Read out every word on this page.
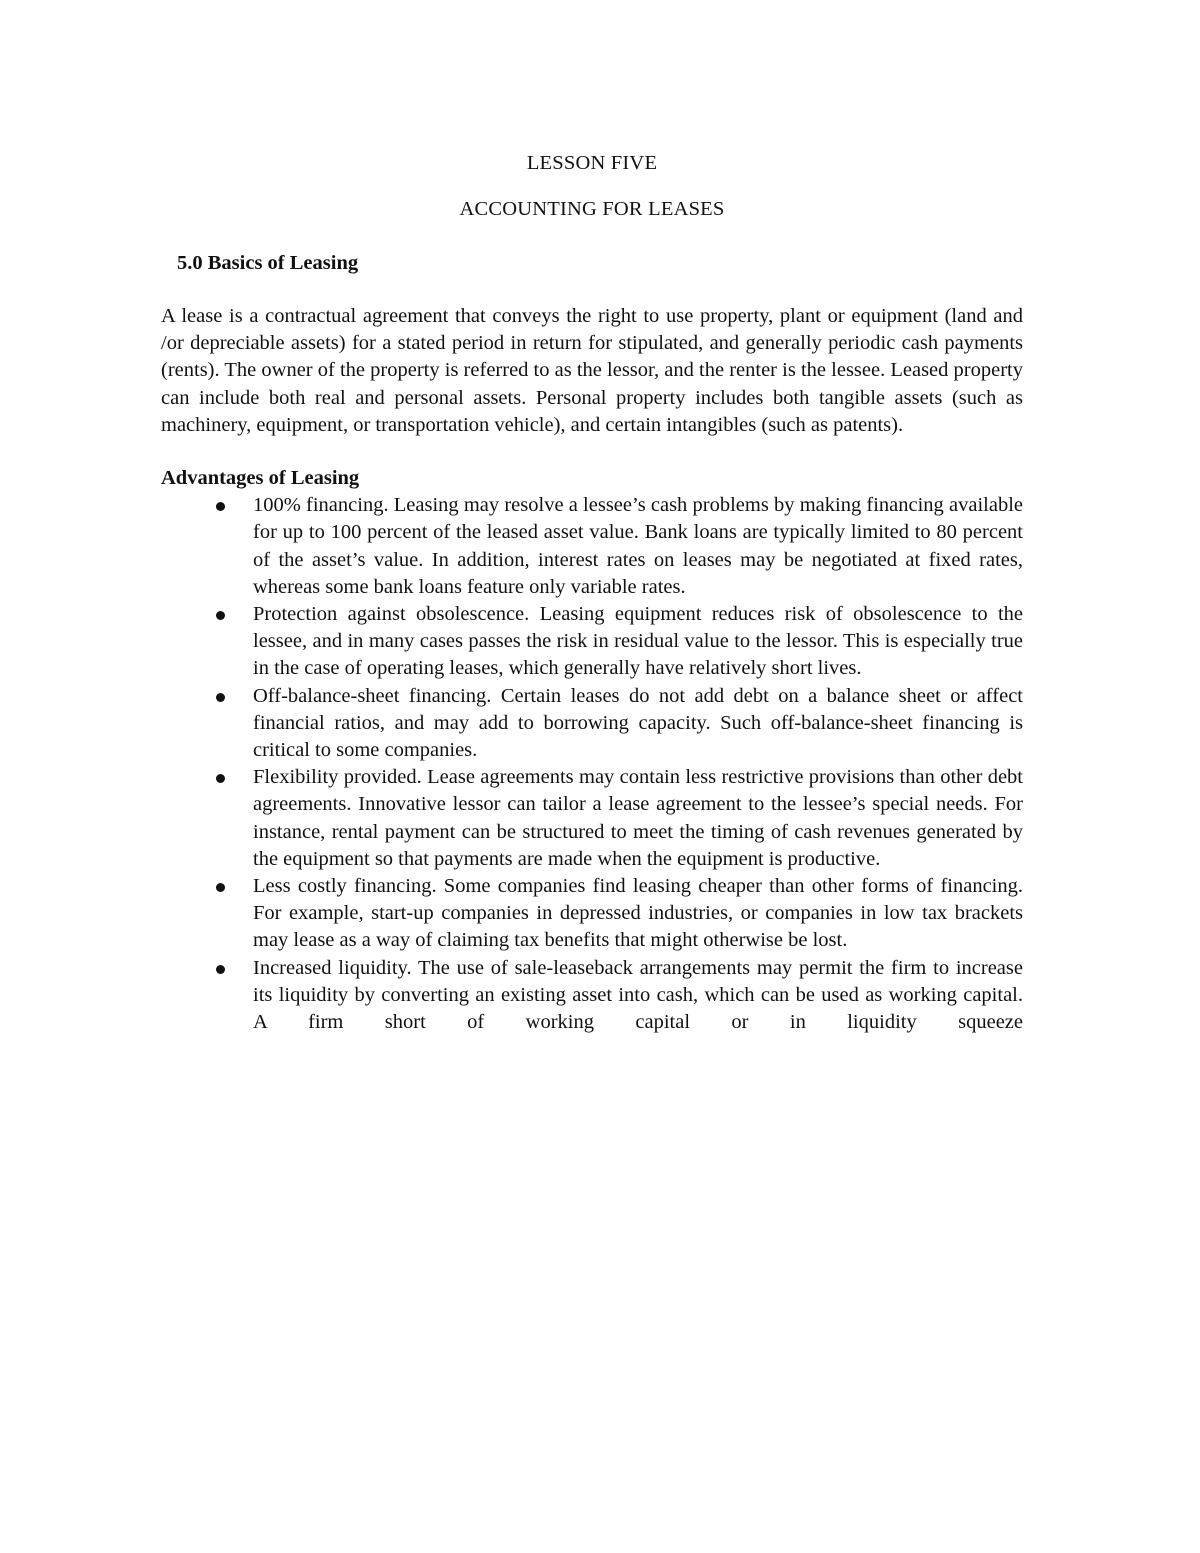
LESSON FIVE
ACCOUNTING FOR LEASES
5.0 Basics of Leasing

A lease is a contractual agreement that conveys the right to use property, plant or equipment (land and /or depreciable assets) for a stated period in return for stipulated, and generally periodic cash payments (rents). The owner of the property is referred to as the lessor, and the renter is the lessee. Leased property can include both real and personal assets. Personal property includes both tangible assets (such as machinery, equipment, or transportation vehicle), and certain intangibles (such as patents).

Advantages of Leasing
100% financing. Leasing may resolve a lessee’s cash problems by making financing available for up to 100 percent of the leased asset value. Bank loans are typically limited to 80 percent of the asset’s value. In addition, interest rates on leases may be negotiated at fixed rates, whereas some bank loans feature only variable rates.
Protection against obsolescence. Leasing equipment reduces risk of obsolescence to the lessee, and in many cases passes the risk in residual value to the lessor. This is especially true in the case of operating leases, which generally have relatively short lives.
Off-balance-sheet financing. Certain leases do not add debt on a balance sheet or affect financial ratios, and may add to borrowing capacity. Such off-balance-sheet financing is critical to some companies.
Flexibility provided. Lease agreements may contain less restrictive provisions than other debt agreements. Innovative lessor can tailor a lease agreement to the lessee’s special needs. For instance, rental payment can be structured to meet the timing of cash revenues generated by the equipment so that payments are made when the equipment is productive.
Less costly financing. Some companies find leasing cheaper than other forms of financing. For example, start-up companies in depressed industries, or companies in low tax brackets may lease as a way of claiming tax benefits that might otherwise be lost.
Increased liquidity. The use of sale-leaseback arrangements may permit the firm to increase its liquidity by converting an existing asset into cash, which can be used as working capital. A firm short of working capital or in liquidity squeeze
